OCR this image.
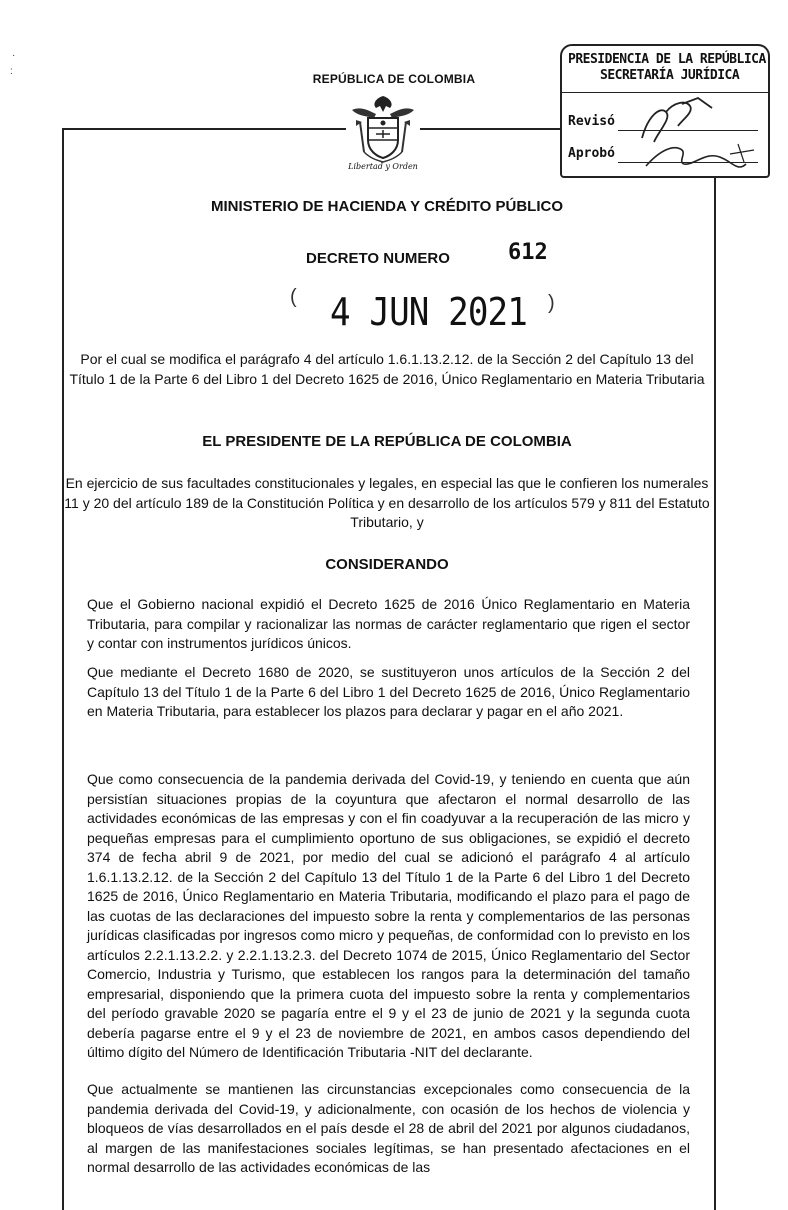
·
:
REPÚBLICA DE COLOMBIA
Libertad y Orden
PRESIDENCIA DE LA REPÚBLICA
SECRETARÍA JURÍDICA
Revisó
Aprobó
MINISTERIO DE HACIENDA Y CRÉDITO PÚBLICO
DECRETO NUMERO	612
( 4 JUN 2021 )
Por el cual se modifica el parágrafo 4 del artículo 1.6.1.13.2.12. de la Sección 2 del Capítulo 13 del Título 1 de la Parte 6 del Libro 1 del Decreto 1625 de 2016, Único Reglamentario en Materia Tributaria
EL PRESIDENTE DE LA REPÚBLICA DE COLOMBIA
En ejercicio de sus facultades constitucionales y legales, en especial las que le confieren los numerales 11 y 20 del artículo 189 de la Constitución Política y en desarrollo de los artículos 579 y 811 del Estatuto Tributario, y
CONSIDERANDO
Que el Gobierno nacional expidió el Decreto 1625 de 2016 Único Reglamentario en Materia Tributaria, para compilar y racionalizar las normas de carácter reglamentario que rigen el sector y contar con instrumentos jurídicos únicos.
Que mediante el Decreto 1680 de 2020, se sustituyeron unos artículos de la Sección 2 del Capítulo 13 del Título 1 de la Parte 6 del Libro 1 del Decreto 1625 de 2016, Único Reglamentario en Materia Tributaria, para establecer los plazos para declarar y pagar en el año 2021.
Que como consecuencia de la pandemia derivada del Covid-19, y teniendo en cuenta que aún persistían situaciones propias de la coyuntura que afectaron el normal desarrollo de las actividades económicas de las empresas y con el fin coadyuvar a la recuperación de las micro y pequeñas empresas para el cumplimiento oportuno de sus obligaciones, se expidió el decreto 374 de fecha abril 9 de 2021, por medio del cual se adicionó el parágrafo 4 al artículo 1.6.1.13.2.12. de la Sección 2 del Capítulo 13 del Título 1 de la Parte 6 del Libro 1 del Decreto 1625 de 2016, Único Reglamentario en Materia Tributaria, modificando el plazo para el pago de las cuotas de las declaraciones del impuesto sobre la renta y complementarios de las personas jurídicas clasificadas por ingresos como micro y pequeñas, de conformidad con lo previsto en los artículos 2.2.1.13.2.2. y 2.2.1.13.2.3. del Decreto 1074 de 2015, Único Reglamentario del Sector Comercio, Industria y Turismo, que establecen los rangos para la determinación del tamaño empresarial, disponiendo que la primera cuota del impuesto sobre la renta y complementarios del período gravable 2020 se pagaría entre el 9 y el 23 de junio de 2021 y la segunda cuota debería pagarse entre el 9 y el 23 de noviembre de 2021, en ambos casos dependiendo del último dígito del Número de Identificación Tributaria -NIT del declarante.
Que actualmente se mantienen las circunstancias excepcionales como consecuencia de la pandemia derivada del Covid-19, y adicionalmente, con ocasión de los hechos de violencia y bloqueos de vías desarrollados en el país desde el 28 de abril del 2021 por algunos ciudadanos, al margen de las manifestaciones sociales legítimas, se han presentado afectaciones en el normal desarrollo de las actividades económicas de las
